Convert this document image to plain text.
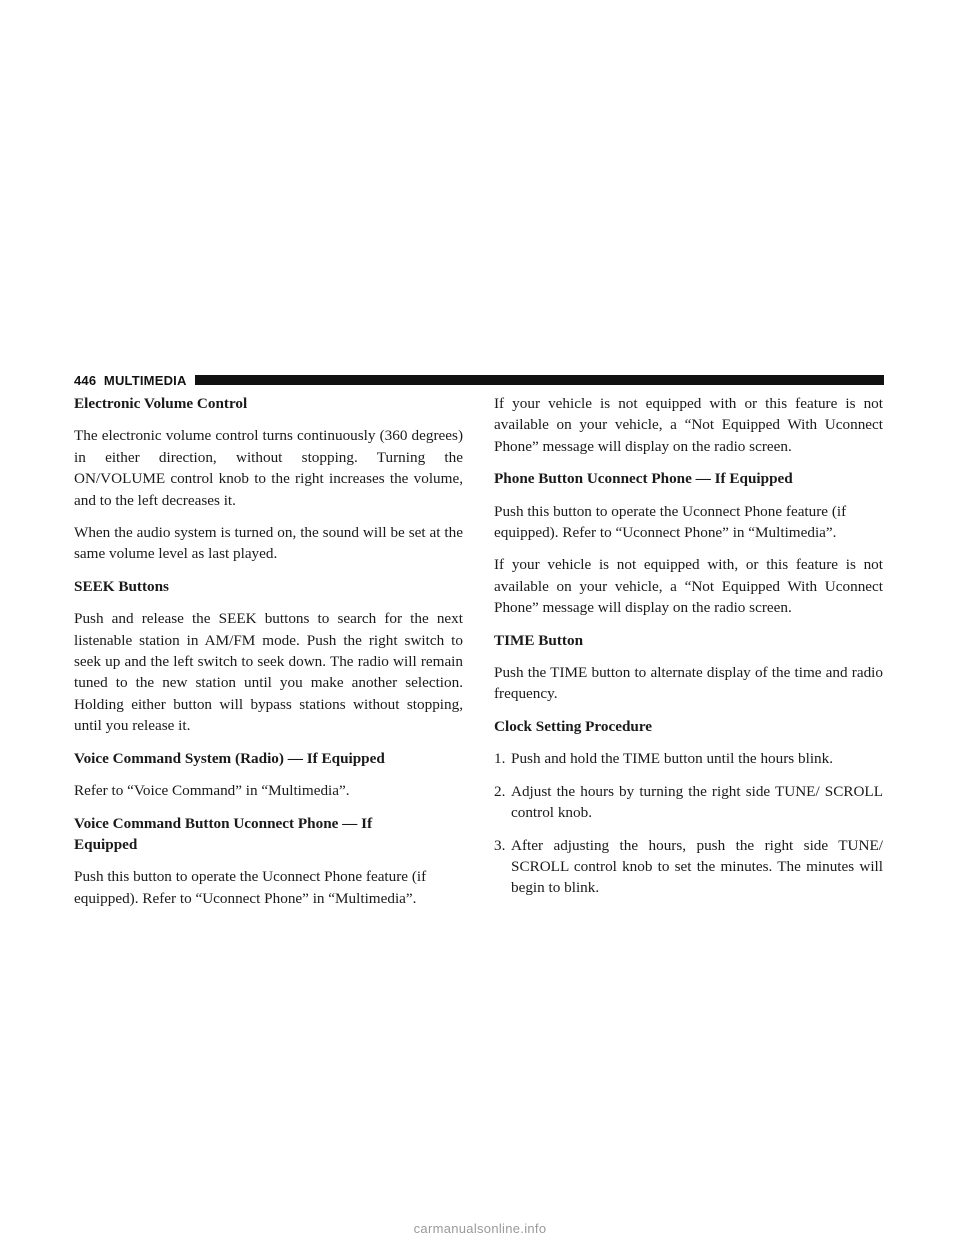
446 MULTIMEDIA
Electronic Volume Control
The electronic volume control turns continuously (360 degrees) in either direction, without stopping. Turning the ON/VOLUME control knob to the right increases the volume, and to the left decreases it.
When the audio system is turned on, the sound will be set at the same volume level as last played.
SEEK Buttons
Push and release the SEEK buttons to search for the next listenable station in AM/FM mode. Push the right switch to seek up and the left switch to seek down. The radio will remain tuned to the new station until you make another selection. Holding either button will bypass stations without stopping, until you release it.
Voice Command System (Radio) — If Equipped
Refer to “Voice Command” in “Multimedia”.
Voice Command Button Uconnect Phone — If Equipped
Push this button to operate the Uconnect Phone feature (if equipped). Refer to “Uconnect Phone” in “Multimedia”.
If your vehicle is not equipped with or this feature is not available on your vehicle, a “Not Equipped With Uconnect Phone” message will display on the radio screen.
Phone Button Uconnect Phone — If Equipped
Push this button to operate the Uconnect Phone feature (if equipped). Refer to “Uconnect Phone” in “Multimedia”.
If your vehicle is not equipped with, or this feature is not available on your vehicle, a “Not Equipped With Uconnect Phone” message will display on the radio screen.
TIME Button
Push the TIME button to alternate display of the time and radio frequency.
Clock Setting Procedure
1. Push and hold the TIME button until the hours blink.
2. Adjust the hours by turning the right side TUNE/ SCROLL control knob.
3. After adjusting the hours, push the right side TUNE/ SCROLL control knob to set the minutes. The minutes will begin to blink.
carmanualsonline.info
